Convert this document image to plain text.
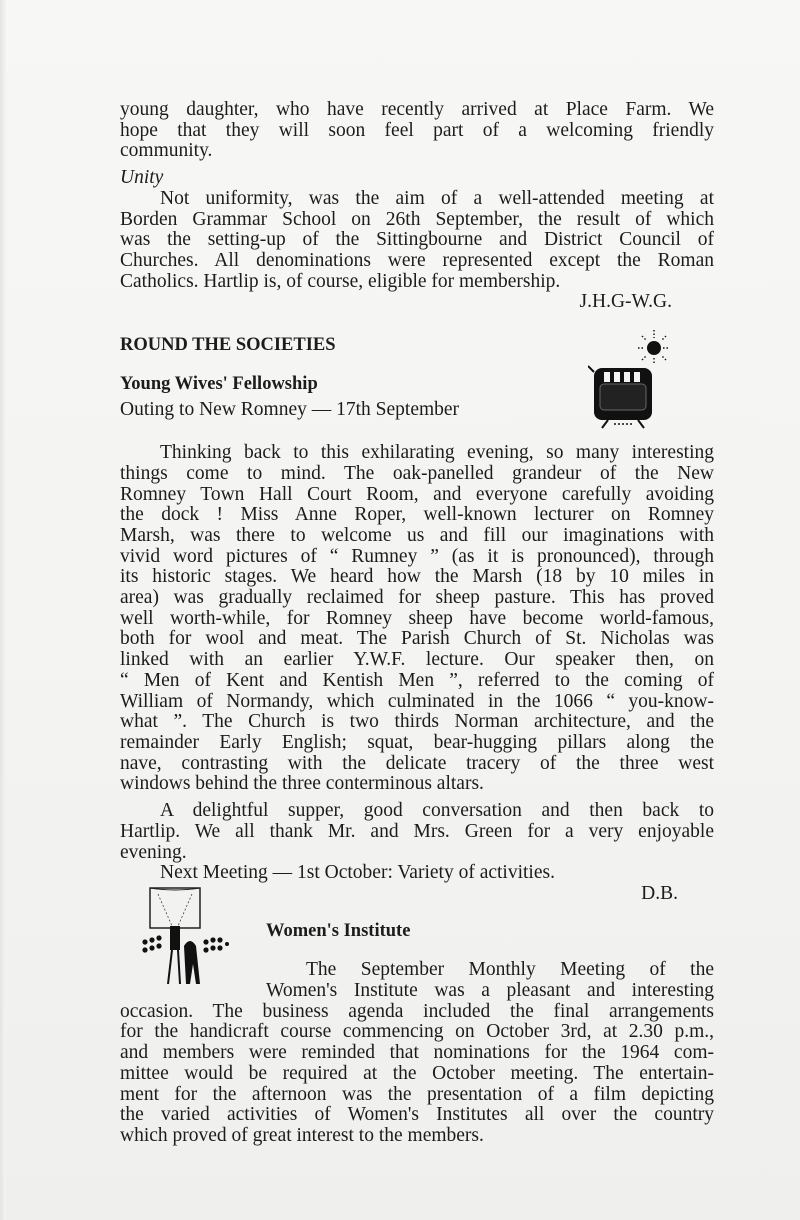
young daughter, who have recently arrived at Place Farm. We

hope that they will soon feel part of a welcoming friendly

community.

Unity

Not uniformity, was the aim of a well-attended meeting at

Borden Grammar School on 26th September, the result of which

was the setting-up of the Sittingbourne and District Council of

Churches. All denominations were represented except the Roman

Catholics. Hartlip is, of course, eligible for membership.

J.H.G-W.G.

ROUND THE SOCIETIES

Young Wives' Fellowship

Outing to New Romney — 17th September

Thinking back to this exhilarating evening, so many interesting

things come to mind. The oak-panelled grandeur of the New

Romney Town Hall Court Room, and everyone carefully avoiding

the dock ! Miss Anne Roper, well-known lecturer on Romney

Marsh, was there to welcome us and fill our imaginations with

vivid word pictures of “ Rumney ” (as it is pronounced), through

its historic stages. We heard how the Marsh (18 by 10 miles in

area) was gradually reclaimed for sheep pasture. This has proved

well worth-while, for Romney sheep have become world-famous,

both for wool and meat. The Parish Church of St. Nicholas was

linked with an earlier Y.W.F. lecture. Our speaker then, on

“ Men of Kent and Kentish Men ”, referred to the coming of

William of Normandy, which culminated in the 1066 “ you-know-

what ”. The Church is two thirds Norman architecture, and the

remainder Early English; squat, bear-hugging pillars along the

nave, contrasting with the delicate tracery of the three west

windows behind the three conterminous altars.

A delightful supper, good conversation and then back to

Hartlip. We all thank Mr. and Mrs. Green for a very enjoyable

evening.

Next Meeting — 1st October: Variety of activities.

D.B.

Women's Institute

The September Monthly Meeting of the

Women's Institute was a pleasant and interesting

occasion. The business agenda included the final arrangements

for the handicraft course commencing on October 3rd, at 2.30 p.m.,

and members were reminded that nominations for the 1964 com-

mittee would be required at the October meeting. The entertain-

ment for the afternoon was the presentation of a film depicting

the varied activities of Women's Institutes all over the country

which proved of great interest to the members.
